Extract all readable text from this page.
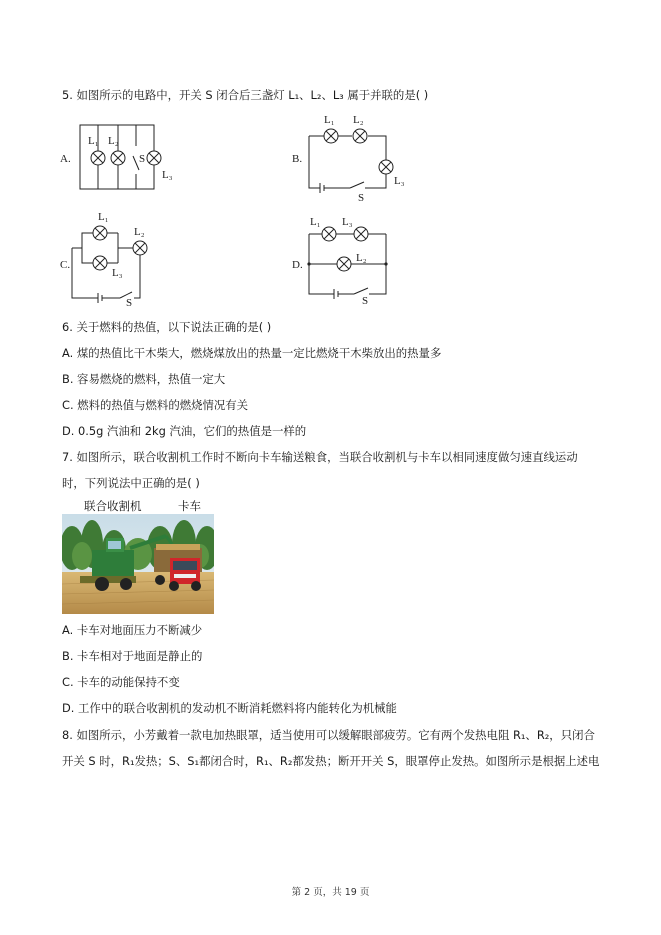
5. 如图所示的电路中，开关 S 闭合后三盏灯 L₁、L₂、L₃ 属于并联的是( )
A.
L₁ L₂
S
L₃
B.
L₁ L₂
L₃
S
C.
L₁
L₂
L₃
S
D.
L₁ L₃
L₂
S
6. 关于燃料的热值，以下说法正确的是( )
A. 煤的热值比干木柴大，燃烧煤放出的热量一定比燃烧干木柴放出的热量多
B. 容易燃烧的燃料，热值一定大
C. 燃料的热值与燃料的燃烧情况有关
D. 0.5g 汽油和 2kg 汽油，它们的热值是一样的
7. 如图所示，联合收割机工作时不断向卡车输送粮食，当联合收割机与卡车以相同速度做匀速直线运动
时，下列说法中正确的是( )
联合收割机	卡车
A. 卡车对地面压力不断减少
B. 卡车相对于地面是静止的
C. 卡车的动能保持不变
D. 工作中的联合收割机的发动机不断消耗燃料将内能转化为机械能
8. 如图所示，小芳戴着一款电加热眼罩，适当使用可以缓解眼部疲劳。它有两个发热电阻 R₁、R₂，只闭合
开关 S 时，R₁发热；S、S₁都闭合时，R₁、R₂都发热；断开开关 S，眼罩停止发热。如图所示是根据上述电
第 2 页，共 19 页
